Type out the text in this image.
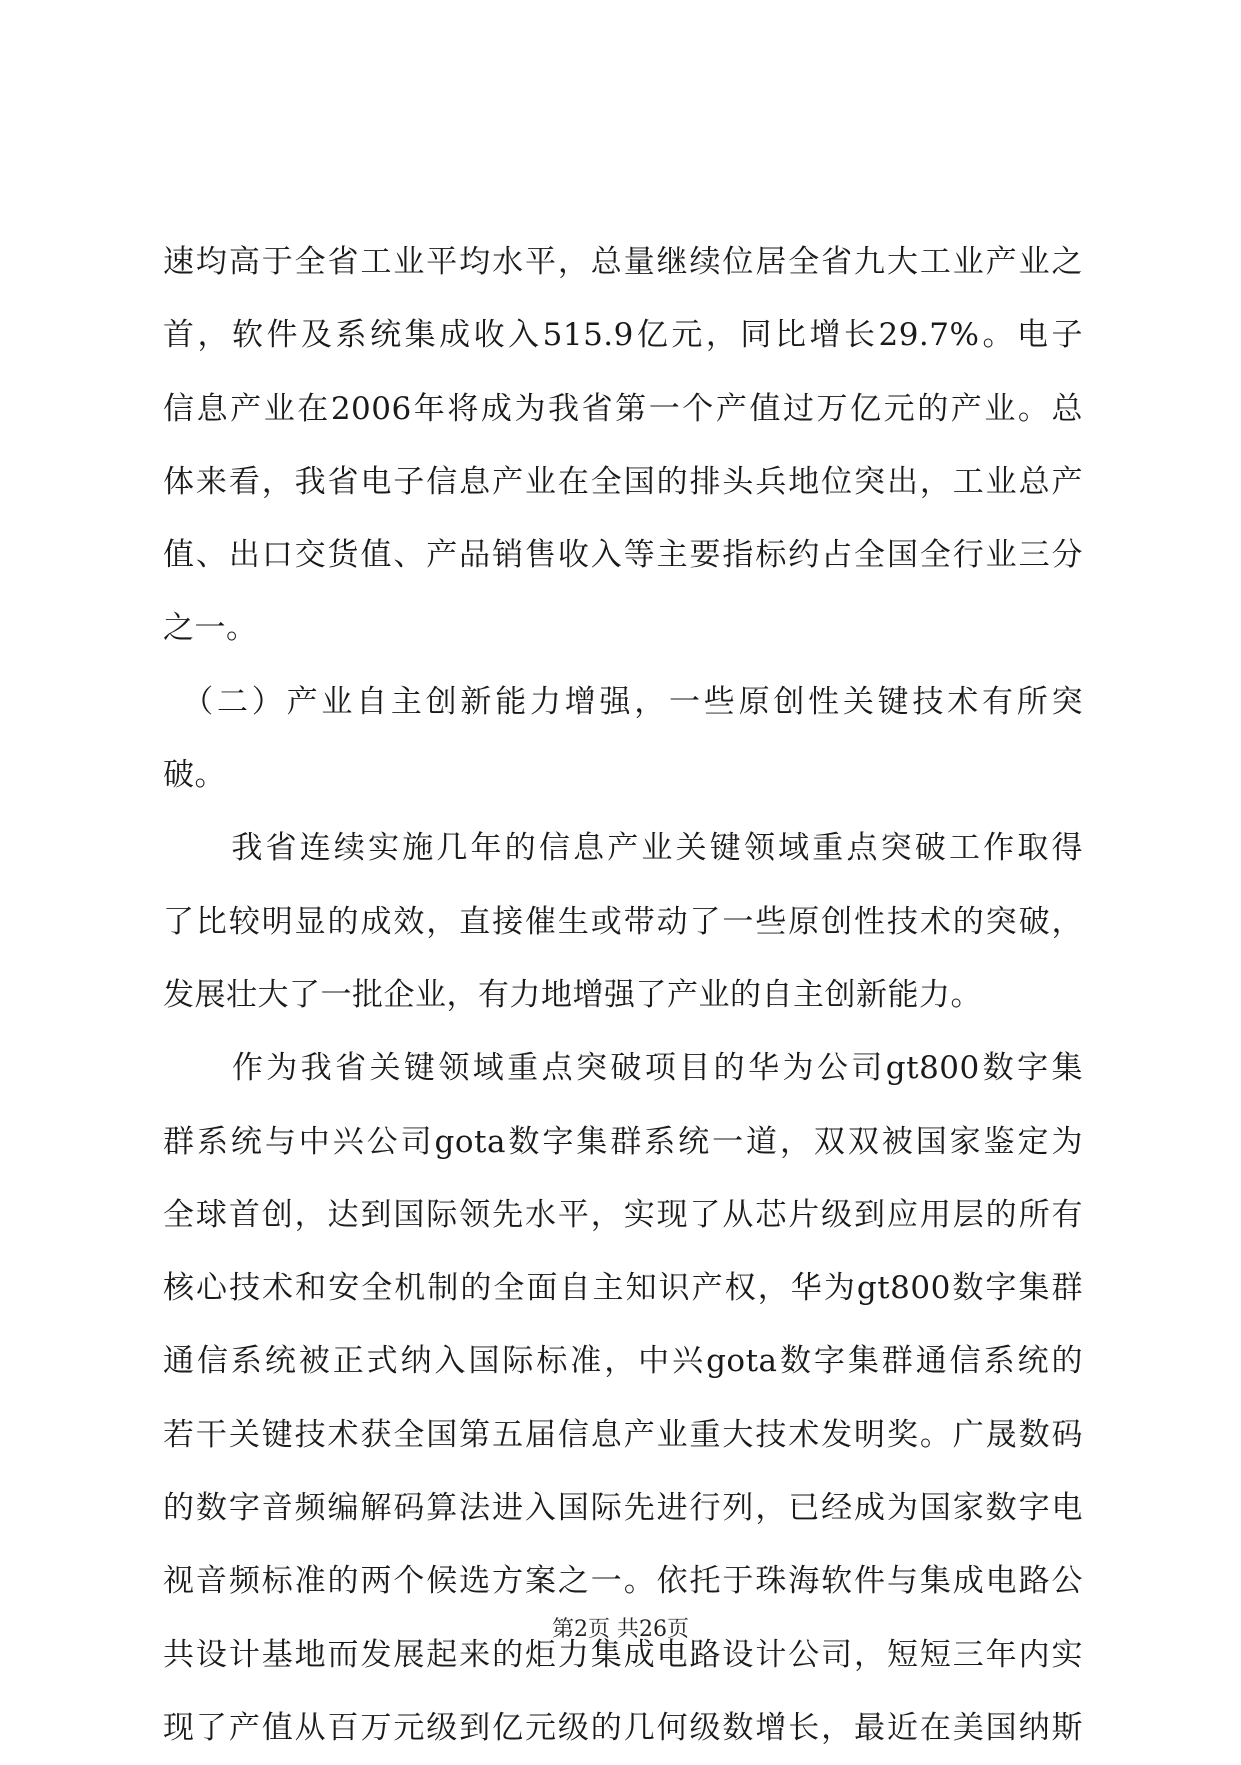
速均高于全省工业平均水平，总量继续位居全省九大工业产业之
首，软件及系统集成收入515.9亿元，同比增长29.7%。电子
信息产业在2006年将成为我省第一个产值过万亿元的产业。总
体来看，我省电子信息产业在全国的排头兵地位突出，工业总产
值、出口交货值、产品销售收入等主要指标约占全国全行业三分
之一。
　（二）产业自主创新能力增强，一些原创性关键技术有所突
破。
　　我省连续实施几年的信息产业关键领域重点突破工作取得
了比较明显的成效，直接催生或带动了一些原创性技术的突破，
发展壮大了一批企业，有力地增强了产业的自主创新能力。
　　作为我省关键领域重点突破项目的华为公司gt800数字集
群系统与中兴公司gota数字集群系统一道，双双被国家鉴定为
全球首创，达到国际领先水平，实现了从芯片级到应用层的所有
核心技术和安全机制的全面自主知识产权，华为gt800数字集群
通信系统被正式纳入国际标准，中兴gota数字集群通信系统的
若干关键技术获全国第五届信息产业重大技术发明奖。广晟数码
的数字音频编解码算法进入国际先进行列，已经成为国家数字电
视音频标准的两个候选方案之一。依托于珠海软件与集成电路公
共设计基地而发展起来的炬力集成电路设计公司，短短三年内实
现了产值从百万元级到亿元级的几何级数增长，最近在美国纳斯
第2页 共26页
